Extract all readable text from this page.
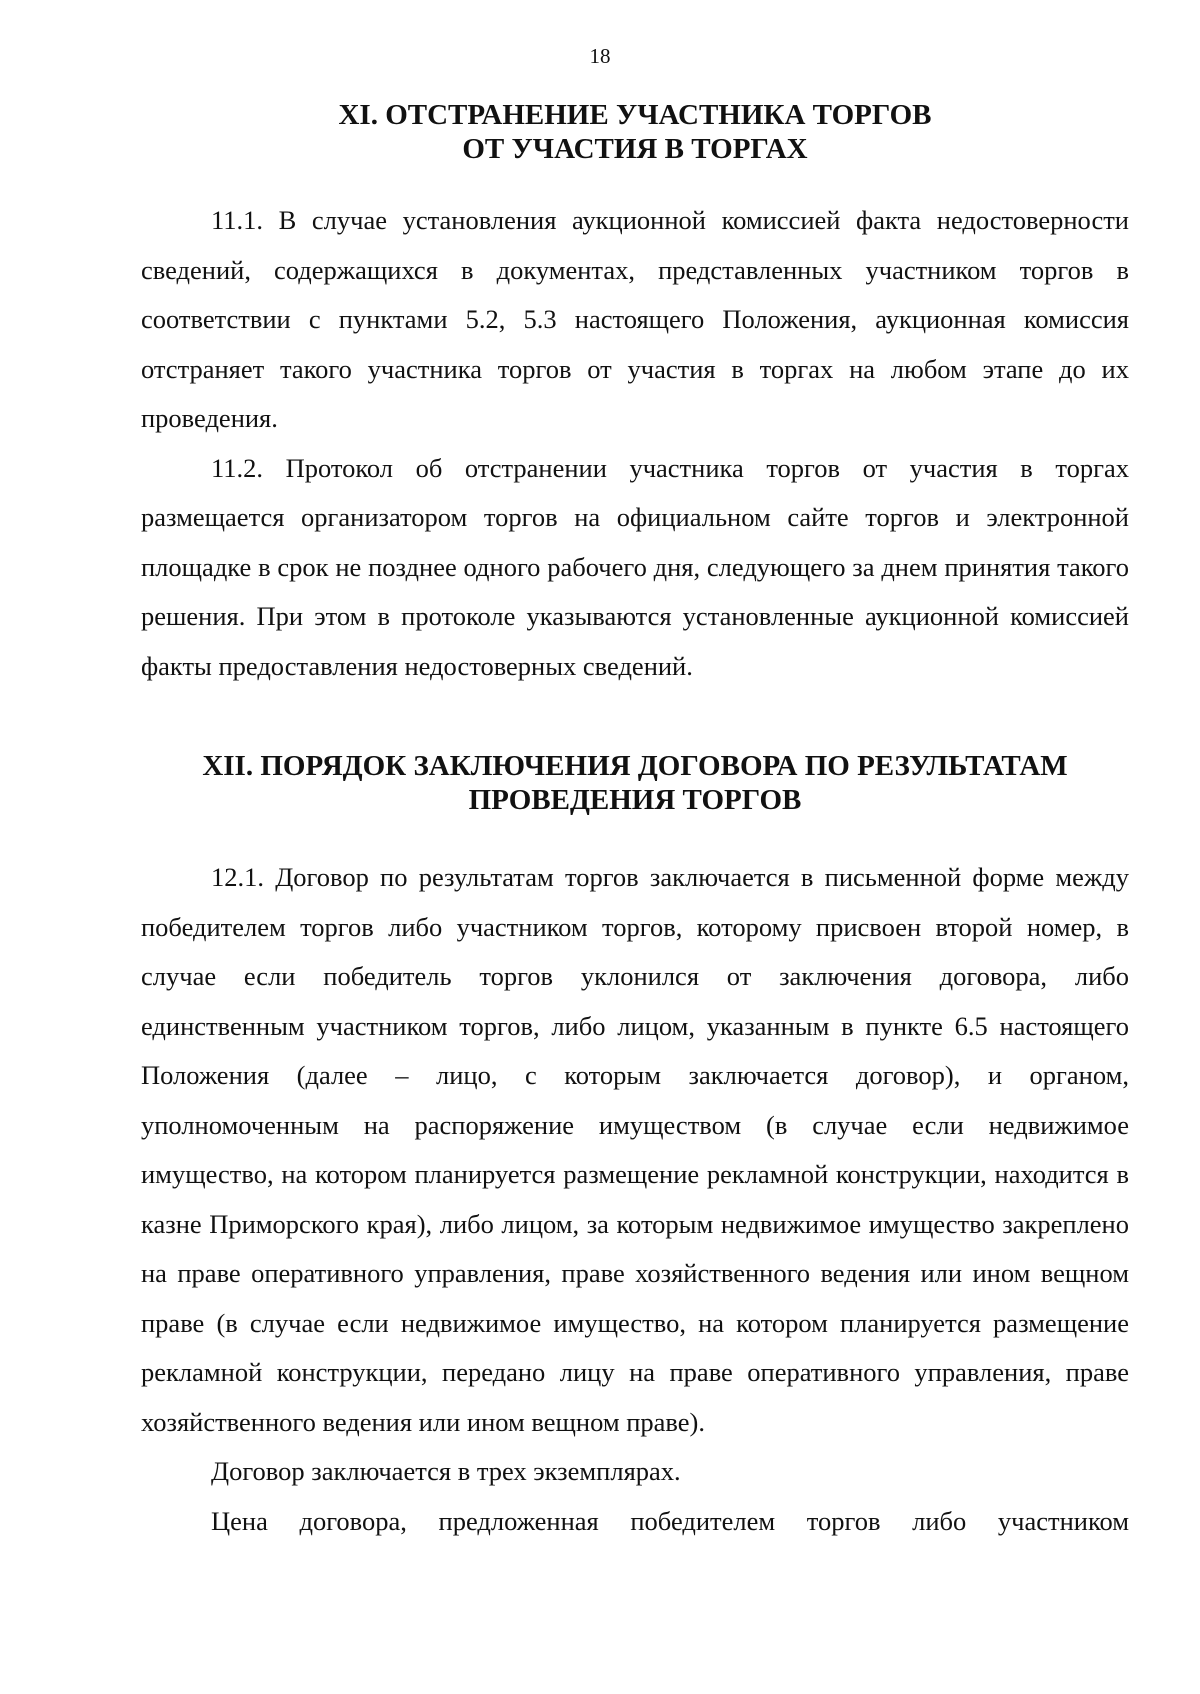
18
XI. ОТСТРАНЕНИЕ УЧАСТНИКА ТОРГОВ
ОТ УЧАСТИЯ В ТОРГАХ

11.1. В случае установления аукционной комиссией факта недостоверности сведений, содержащихся в документах, представленных участником торгов в соответствии с пунктами 5.2, 5.3 настоящего Положения, аукционная комиссия отстраняет такого участника торгов от участия в торгах на любом этапе до их проведения.

11.2. Протокол об отстранении участника торгов от участия в торгах размещается организатором торгов на официальном сайте торгов и электронной площадке в срок не позднее одного рабочего дня, следующего за днем принятия такого решения. При этом в протоколе указываются установленные аукционной комиссией факты предоставления недостоверных сведений.

XII. ПОРЯДОК ЗАКЛЮЧЕНИЯ ДОГОВОРА ПО РЕЗУЛЬТАТАМ
ПРОВЕДЕНИЯ ТОРГОВ

12.1. Договор по результатам торгов заключается в письменной форме между победителем торгов либо участником торгов, которому присвоен второй номер, в случае если победитель торгов уклонился от заключения договора, либо единственным участником торгов, либо лицом, указанным в пункте 6.5 настоящего Положения (далее – лицо, с которым заключается договор), и органом, уполномоченным на распоряжение имуществом (в случае если недвижимое имущество, на котором планируется размещение рекламной конструкции, находится в казне Приморского края), либо лицом, за которым недвижимое имущество закреплено на праве оперативного управления, праве хозяйственного ведения или ином вещном праве (в случае если недвижимое имущество, на котором планируется размещение рекламной конструкции, передано лицу на праве оперативного управления, праве хозяйственного ведения или ином вещном праве).

Договор заключается в трех экземплярах.

Цена договора, предложенная победителем торгов либо участником
